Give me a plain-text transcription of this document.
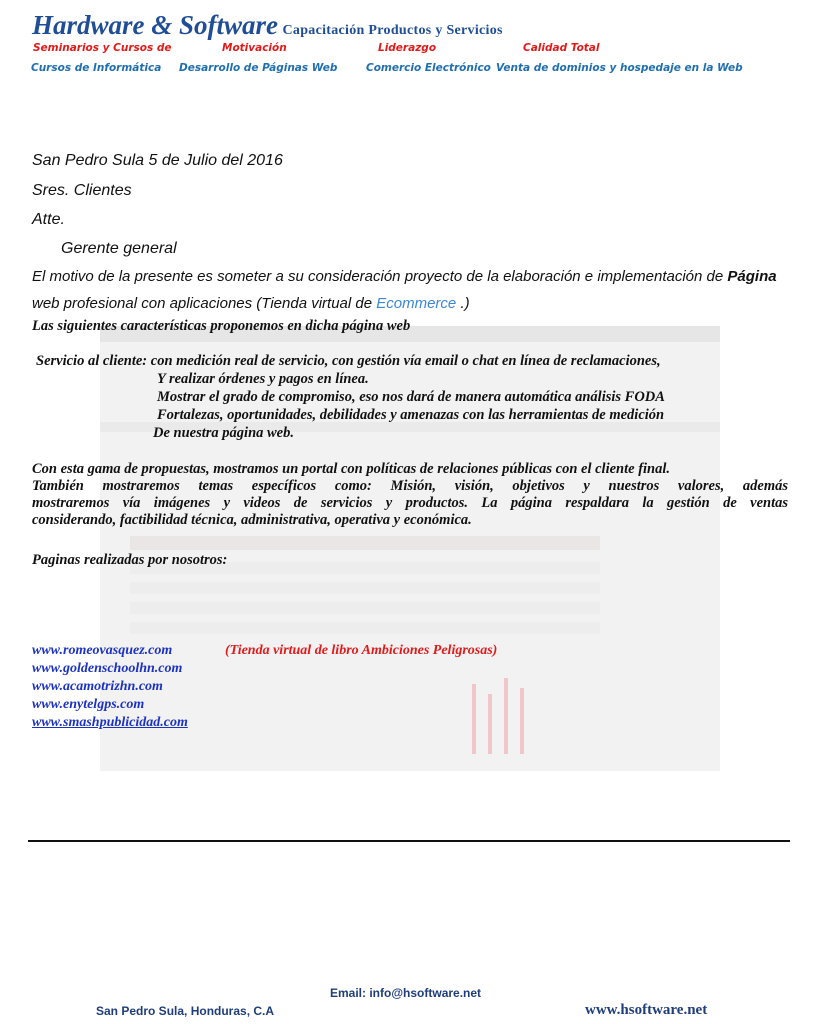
Hardware & Software Capacitación Productos y Servicios
Seminarios y Cursos de	Motivación	Liderazgo	Calidad Total
Cursos de Informática Desarrollo de Páginas Web	Comercio Electrónico Venta de dominios y hospedaje en la Web
San Pedro Sula 5 de Julio del 2016
Sres. Clientes
Atte.
Gerente general
El motivo de la presente es someter a su consideración proyecto de la elaboración e implementación de Página
web profesional con aplicaciones (Tienda virtual de Ecommerce .)
Las siguientes características proponemos en dicha página web
Servicio al cliente: con medición real de servicio, con gestión vía email o chat en línea de reclamaciones,
Y realizar órdenes y pagos en línea.
Mostrar el grado de compromiso, eso nos dará de manera automática análisis FODA
Fortalezas, oportunidades, debilidades y amenazas con las herramientas de medición
De nuestra página web.
Con esta gama de propuestas, mostramos un portal con políticas de relaciones públicas con el cliente final.
También mostraremos temas específicos como: Misión, visión, objetivos y nuestros valores, además
mostraremos vía imágenes y videos de servicios y productos. La página respaldara la gestión de ventas
considerando, factibilidad técnica, administrativa, operativa y económica.
Paginas realizadas por nosotros:
www.romeovasquez.com	(Tienda virtual de libro Ambiciones Peligrosas)
www.goldenschoolhn.com
www.acamotrizhn.com
www.enytelgps.com
www.smashpublicidad.com
Email: info@hsoftware.net
San Pedro Sula, Honduras, C.A	www.hsoftware.net
